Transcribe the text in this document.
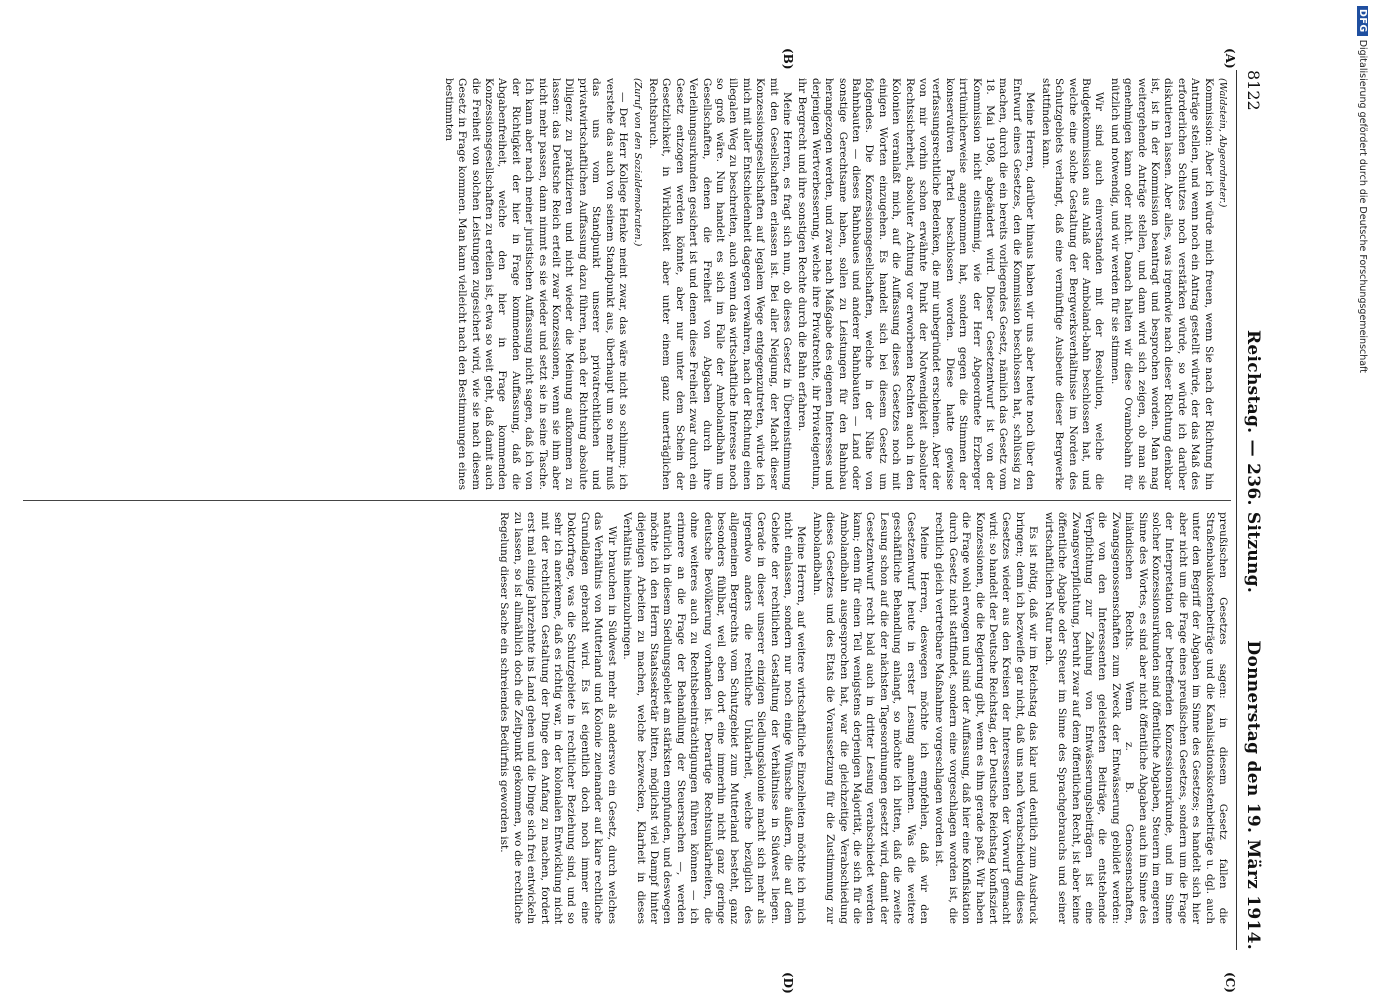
8122
Reichstag. — 236. Sitzung.
Donnerstag den 19. März 1914.
(A)
(B)
(C)
(D)

(Waldstein, Abgeordneter.)

Kommission: Aber ich würde mich freuen, wenn Sie nach der Richtung hin Anträge stellen, und wenn noch ein Antrag gestellt würde, der das Maß des erforderlichen Schutzes noch verstärken würde, so würde ich darüber diskutieren lassen. Aber alles, was irgendwie nach dieser Richtung denkbar ist, ist in der Kommission beantragt und besprochen worden. Man mag weitergehende Anträge stellen, und dann wird sich zeigen, ob man sie genehmigen kann oder nicht. Danach halten wir diese Ovambobahn für nützlich und notwendig, und wir werden für sie stimmen.

Wir sind auch einverstanden mit der Resolution, welche die Budgetkommission aus Anlaß der Amboland-bahn beschlossen hat, und welche eine solche Gestaltung der Bergwerksverhältnisse im Norden des Schutzgebiets verlangt, daß eine vernünftige Ausbeute dieser Bergwerke stattfinden kann.

Meine Herren, darüber hinaus haben wir uns aber heute noch über den Entwurf eines Gesetzes, den die Kommission beschlossen hat, schlüssig zu machen, durch die ein bereits vorliegendes Gesetz, nämlich das Gesetz vom 18. Mai 1908, abgeändert wird. Dieser Gesetzentwurf ist von der Kommission nicht einstimmig, wie der Herr Abgeordnete Erzberger irrtümlicherweise angenommen hat, sondern gegen die Stimmen der konservativen Partei beschlossen worden. Diese hatte gewisse verfassungsrechtliche Bedenken, die mir unbegründet erscheinen. Aber der von mir vorhin schon erwähnte Punkt der Notwendigkeit absoluter Rechtssicherheit, absoluter Achtung vor erworbenen Rechten auch in den Kolonien veranlaßt mich, auf die Auffassung dieses Gesetzes noch mit einigen Worten einzugehen. Es handelt sich bei diesem Gesetz um folgendes. Die Konzessionsgesellschaften, welche in der Nähe von Bahnbauten — dieses Bahnbaues und anderer Bahnbauten — Land oder sonstige Gerechtsame haben, sollen zu Leistungen für den Bahnbau herangezogen werden, und zwar nach Maßgabe des eigenen Interesses und derjenigen Wertverbesserung, welche ihre Privatrechte, ihr Privateigentum, ihr Bergrecht und ihre sonstigen Rechte durch die Bahn erfahren.

Meine Herren, es fragt sich nun, ob dieses Gesetz in Übereinstimmung mit den Gesellschaften erlassen ist. Bei aller Neigung, der Macht dieser Konzessionsgesellschaften auf legalem Wege entgegenzutreten, würde ich mich mit aller Entschiedenheit dagegen verwahren, nach der Richtung einen illegalen Weg zu beschreiten, auch wenn das wirtschaftliche Interesse noch so groß wäre. Nun handelt es sich im Falle der Ambolandbahn um Gesellschaften, denen die Freiheit von Abgaben durch ihre Verleihungsurkunden gesichert ist und denen diese Freiheit zwar durch ein Gesetz entzogen werden könnte, aber nur unter dem Schein der Gesetzlichkeit, in Wirklichkeit aber unter einem ganz unerträglichen Rechtsbruch.

(Zuruf von den Sozialdemokraten.)

— Der Herr Kollege Henke meint zwar, das wäre nicht so schlimm; ich verstehe das auch von seinem Standpunkt aus, überhaupt um so mehr muß das uns vom Standpunkt unserer privatrechtlichen und privatwirtschaftlichen Auffassung dazu führen, nach der Richtung absolute Diligenz zu praktizieren und nicht wieder die Meinung aufkommen zu lassen: das Deutsche Reich erteilt zwar Konzessionen, wenn sie ihm aber nicht mehr passen, dann nimmt es sie wieder und setzt sie in seine Tasche. Ich kann aber nach meiner juristischen Auffassung nicht sagen, daß ich von der Richtigkeit der hier in Frage kommenden Auffassung, daß die Abgabenfreiheit, welche den hier in Frage kommenden Konzessionsgesellschaften zu erteilen ist, etwa so weit geht, daß damit auch die Freiheit von solchen Leistungen zugesichert wird, wie sie nach diesem Gesetz in Frage kommen. Man kann vielleicht nach den Bestimmungen eines bestimmten

preußischen Gesetzes sagen: in diesem Gesetz fallen die Straßenbaukostenbeiträge und die Kanalisationskostenbeiträge u. dgl. auch unter den Begriff der Abgaben im Sinne des Gesetzes; es handelt sich hier aber nicht um die Frage eines preußischen Gesetzes, sondern um die Frage der Interpretation der betreffenden Konzessionsurkunde, und im Sinne solcher Konzessionsurkunden sind öffentliche Abgaben, Steuern im engeren Sinne des Wortes, es sind aber nicht öffentliche Abgaben auch im Sinne des inländischen Rechts. Wenn z. B. Genossenschaften, Zwangsgenossenschaften zum Zweck der Entwässerung gebildet werden: die von den Interessenten geleisteten Beiträge, die entstehende Verpflichtung zur Zahlung von Entwässerungsbeiträgen ist eine Zwangsverpflichtung, beruht zwar auf dem öffentlichen Recht, ist aber keine öffentliche Abgabe oder Steuer im Sinne des Sprachgebrauchs und seiner wirtschaftlichen Natur nach.

Es ist nötig, daß wir im Reichstag das klar und deutlich zum Ausdruck bringen; denn ich bezweifle gar nicht, daß uns nach Verabschiedung dieses Gesetzes wieder aus den Kreisen der Interessenten der Vorwurf gemacht wird: so handelt der Deutsche Reichstag, der Deutsche Reichstag konfisziert Konzessionen, die die Regierung gibt, wenn es ihm gerade paßt. Wir haben die Frage wohl erwogen und sind der Auffassung, daß hier eine Konfiskation durch Gesetz nicht stattfindet, sondern eine vorgeschlagen worden ist, die rechtlich gleich vertretbare Maßnahme vorgeschlagen worden ist.

Meine Herren, deswegen möchte ich empfehlen, daß wir den Gesetzentwurf heute in erster Lesung annehmen. Was die weitere geschäftliche Behandlung anlangt, so möchte ich bitten, daß die zweite Lesung schon auf die der nächsten Tagesordnungen gesetzt wird, damit der Gesetzentwurf recht bald auch in dritter Lesung verabschiedet werden kann; denn für einen Teil wenigstens derjenigen Majorität, die sich für die Ambolandbahn ausgesprochen hat, war die gleichzeitige Verabschiedung dieses Gesetzes und des Etats die Voraussetzung für die Zustimmung zur Ambolandbahn.

Meine Herren, auf weitere wirtschaftliche Einzelheiten möchte ich mich nicht einlassen, sondern nur noch einige Wünsche äußern, die auf dem Gebiete der rechtlichen Gestaltung der Verhältnisse in Südwest liegen. Gerade in dieser unserer einzigen Siedlungskolonie macht sich mehr als irgendwo anders die rechtliche Unklarheit, welche bezüglich des allgemeinen Bergrechts vom Schutzgebiet zum Mutterland besteht, ganz besonders fühlbar, weil eben dort eine immerhin nicht ganz geringe deutsche Bevölkerung vorhanden ist. Derartige Rechtsunklarheiten, die ohne weiteres auch zu Rechtsbeeinträchtigungen führen können — ich erinnere an die Frage der Behandlung der Steuersachen —, werden natürlich in diesem Siedlungsgebiet am stärksten empfunden, und deswegen möchte ich den Herrn Staatssekretär bitten, möglichst viel Dampf hinter diejenigen Arbeiten zu machen, welche bezwecken, Klarheit in dieses Verhältnis hineinzubringen.

Wir brauchen in Südwest mehr als anderswo ein Gesetz, durch welches das Verhältnis von Mutterland und Kolonie zueinander auf klare rechtliche Grundlagen gebracht wird. Es ist eigentlich doch noch immer eine Doktorfrage, was die Schutzgebiete in rechtlicher Beziehung sind, und so sehr ich anerkenne, daß es richtig war, in der kolonialen Entwicklung nicht mit der rechtlichen Gestaltung der Dinge den Anfang zu machen, fordert erst mal einige Jahrzehnte ins Land gehen und die Dinge sich frei entwickeln zu lassen, so ist allmählich doch die Zeitpunkt gekommen, wo die rechtliche Regelung dieser Sache ein schreiendes Bedürfnis geworden ist.

DFGDigitalisierung gefördert durch die Deutsche Forschungsgemeinschaft
